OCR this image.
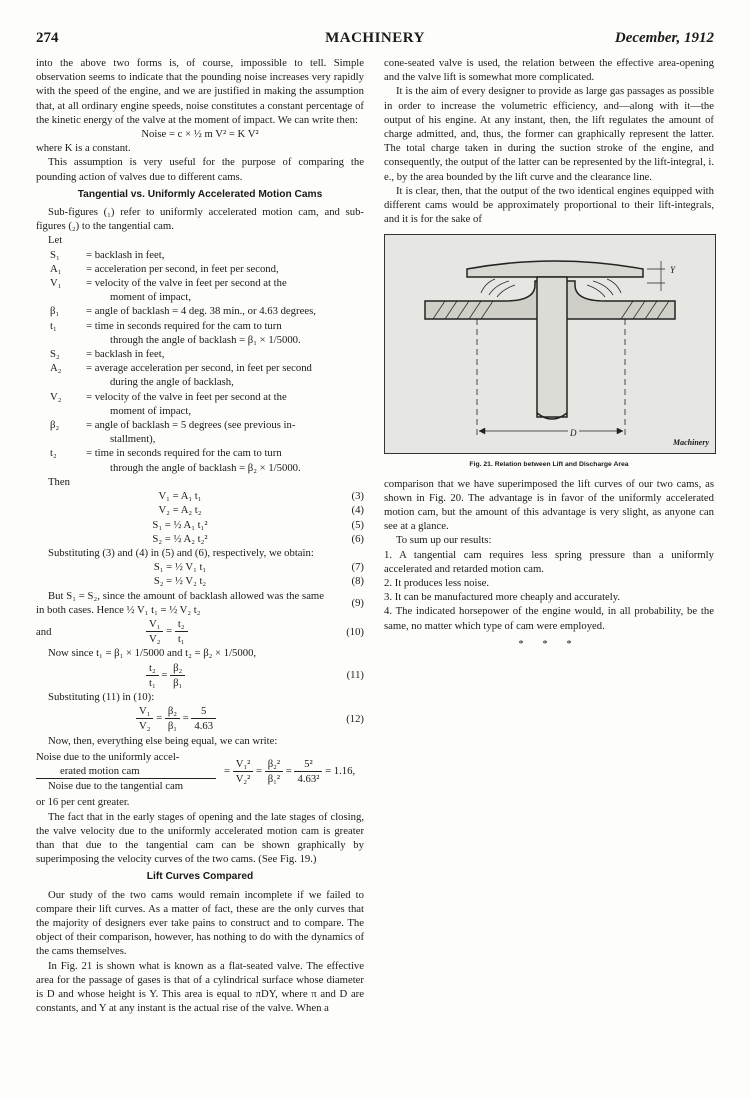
274	MACHINERY	December, 1912

into the above two forms is, of course, impossible to tell. Simple observation seems to indicate that the pounding noise increases very rapidly with the speed of the engine, and we are justified in making the assumption that, at all ordinary engine speeds, noise constitutes a constant percentage of the kinetic energy of the valve at the moment of impact. We can write then:

Noise = c × ½ m V² = K V²

where K is a constant.

This assumption is very useful for the purpose of comparing the pounding action of valves due to different cams.

Tangential vs. Uniformly Accelerated Motion Cams

Sub-figures (₁) refer to uniformly accelerated motion cam, and sub-figures (₂) to the tangential cam.

Let

S₁	= backlash in feet,
A₁	= acceleration per second, in feet per second,
V₁	= velocity of the valve in feet per second at the
moment of impact,
β₁	= angle of backlash = 4 deg. 38 min., or 4.63 degrees,
t₁	= time in seconds required for the cam to turn
through the angle of backlash = β₁ × 1/5000.
S₂	= backlash in feet,
A₂	= average acceleration per second, in feet per second
during the angle of backlash,
V₂	= velocity of the valve in feet per second at the
moment of impact,
β₂	= angle of backlash = 5 degrees (see previous in-
stallment),
t₂	= time in seconds required for the cam to turn
through the angle of backlash = β₂ × 1/5000.

Then

V₁ = A₁ t₁	(3)
V₂ = A₂ t₂	(4)
S₁ = ½ A₁ t₁²	(5)
S₂ = ½ A₂ t₂²	(6)

Substituting (3) and (4) in (5) and (6), respectively, we obtain:

S₁ = ½ V₁ t₁	(7)
S₂ = ½ V₂ t₂	(8)
But S₁ = S₂, since the amount of backlash allowed was the same in both cases. Hence ½ V₁ t₁ = ½ V₂ t₂
(9)
and	$\frac{\text{V₁}}{\text{V₂}} = \frac{\text{t₂}}{\text{t₁}}$	(10)

Now since t₁ = β₁ × 1/5000 and t₂ = β₂ × 1/5000,

$\frac{\text{t₂}}{\text{t₁}} = \frac{\text{β₂}}{\text{β₁}}$	(11)

Substituting (11) in (10):

$\frac{\text{V₁}}{\text{V₂}} = \frac{\text{β₂}}{\text{β₁}} = \frac{5}{4.63}$	(12)

Now, then, everything else being equal, we can write:

Noise due to the uniformly accel-
erated motion cam
Noise due to the tangential cam
= $\frac{\text{V₁²}}{\text{V₂²}} = \frac{\text{β₂²}}{\text{β₁²}} = \frac{\text{5²}}{\text{4.63²}} = 1.16$,

or 16 per cent greater.

The fact that in the early stages of opening and the late stages of closing, the valve velocity due to the uniformly accelerated motion cam is greater than that due to the tangential cam can be shown graphically by superimposing the velocity curves of the two cams. (See Fig. 19.)

Lift Curves Compared

Our study of the two cams would remain incomplete if we failed to compare their lift curves. As a matter of fact, these are the only curves that the majority of designers ever take pains to construct and to compare. The object of their comparison, however, has nothing to do with the dynamics of the cams themselves.

In Fig. 21 is shown what is known as a flat-seated valve. The effective area for the passage of gases is that of a cylindrical surface whose diameter is D and whose height is Y. This area is equal to πDY, where π and D are constants, and Y at any instant is the actual rise of the valve. When a

cone-seated valve is used, the relation between the effective area-opening and the valve lift is somewhat more complicated.

It is the aim of every designer to provide as large gas passages as possible in order to increase the volumetric efficiency, and—along with it—the output of his engine. At any instant, then, the lift regulates the amount of charge admitted, and, thus, the former can graphically represent the latter. The total charge taken in during the suction stroke of the engine, and consequently, the output of the latter can be represented by the lift-integral, i. e., by the area bounded by the lift curve and the clearance line.

It is clear, then, that the output of the two identical engines equipped with different cams would be approximately proportional to their lift-integrals, and it is for the sake of

Y
D
Machinery

Fig. 21. Relation between Lift and Discharge Area

comparison that we have superimposed the lift curves of our two cams, as shown in Fig. 20. The advantage is in favor of the uniformly accelerated motion cam, but the amount of this advantage is very slight, as anyone can see at a glance.

To sum up our results:

1. A tangential cam requires less spring pressure than a uniformly accelerated and retarded motion cam.

2. It produces less noise.

3. It can be manufactured more cheaply and accurately.

4. The indicated horsepower of the engine would, in all probability, be the same, no matter which type of cam were employed.

* * *
